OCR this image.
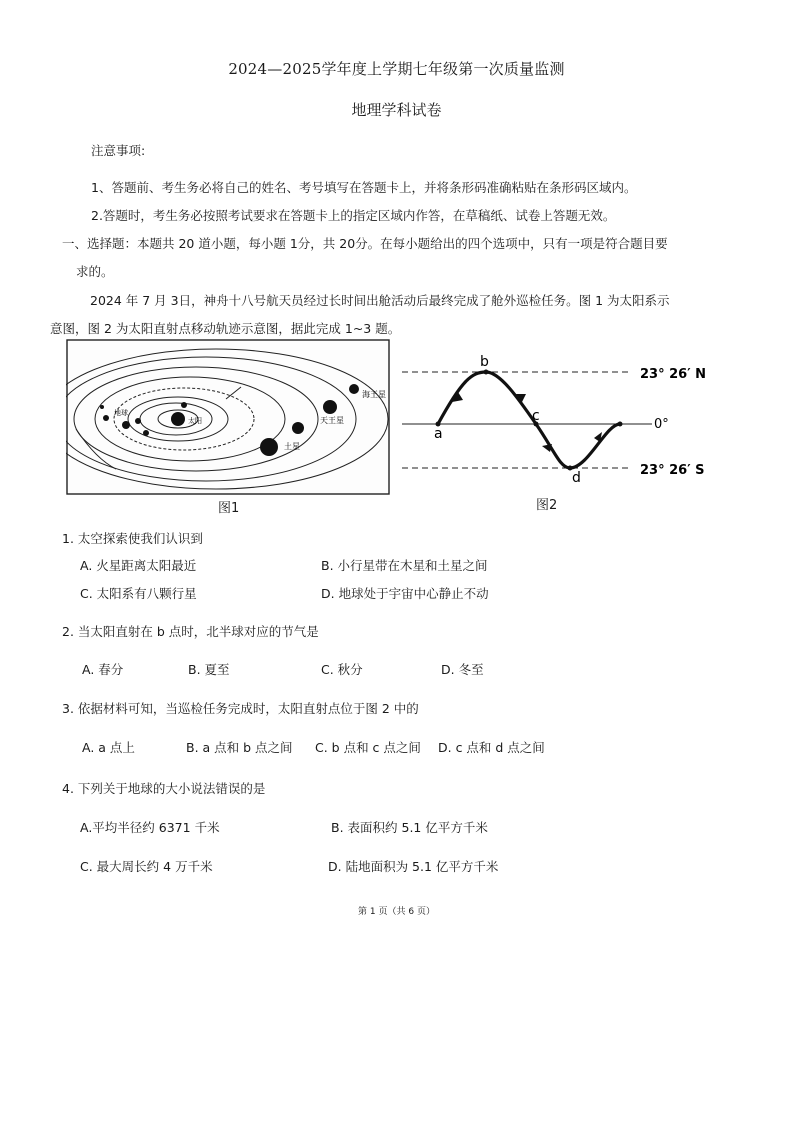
2024—2025学年度上学期七年级第一次质量监测
地理学科试卷
注意事项:
1、答题前、考生务必将自己的姓名、考号填写在答题卡上，并将条形码准确粘贴在条形码区域内。
2.答题时，考生务必按照考试要求在答题卡上的指定区域内作答，在草稿纸、试卷上答题无效。
一、选择题：本题共 20 道小题，每小题 1分，共 20分。在每小题给出的四个选项中，只有一项是符合题目要
求的。
2024 年 7 月 3日，神舟十八号航天员经过长时间出舱活动后最终完成了舱外巡检任务。图 1 为太阳系示
意图，图 2 为太阳直射点移动轨迹示意图，据此完成 1~3 题。
海王星
天王星
土星
地球
太阳
图1
a
b
c
d
23° 26′ N
0°
23° 26′ S
图2
1. 太空探索使我们认识到
A. 火星距离太阳最近	B. 小行星带在木星和土星之间
C. 太阳系有八颗行星	D. 地球处于宇宙中心静止不动
2. 当太阳直射在 b 点时，北半球对应的节气是
A. 春分	B. 夏至	C. 秋分	D. 冬至
3. 依据材料可知，当巡检任务完成时，太阳直射点位于图 2 中的
A. a 点上	B. a 点和 b 点之间 C. b 点和 c 点之间 D. c 点和 d 点之间
4. 下列关于地球的大小说法错误的是
A.平均半径约 6371 千米	B. 表面积约 5.1 亿平方千米
C. 最大周长约 4 万千米	D. 陆地面积为 5.1 亿平方千米
第 1 页（共 6 页）
